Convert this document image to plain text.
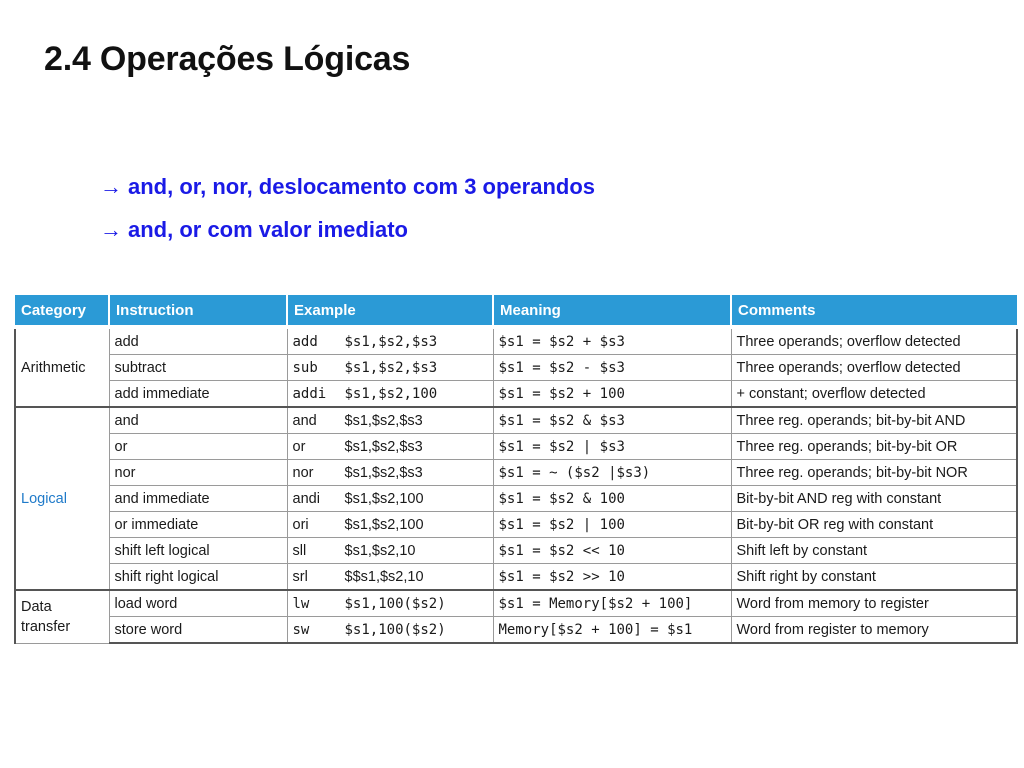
2.4 Operações Lógicas
→ and, or, nor, deslocamento com 3 operandos
→ and, or com valor imediato
Category	Instruction	Example	Meaning	Comments
Arithmetic	add	add $s1,$s2,$s3	$s1 = $s2 + $s3	Three operands; overflow detected
	subtract	sub $s1,$s2,$s3	$s1 = $s2 - $s3	Three operands; overflow detected
	add immediate	addi $s1,$s2,100	$s1 = $s2 + 100	+ constant; overflow detected
Logical	and	and $s1,$s2,$s3	$s1 = $s2 & $s3	Three reg. operands; bit-by-bit AND
	or	or $s1,$s2,$s3	$s1 = $s2 | $s3	Three reg. operands; bit-by-bit OR
	nor	nor $s1,$s2,$s3	$s1 = ~ ($s2 |$s3)	Three reg. operands; bit-by-bit NOR
	and immediate	andi $s1,$s2,100	$s1 = $s2 & 100	Bit-by-bit AND reg with constant
	or immediate	ori $s1,$s2,100	$s1 = $s2 | 100	Bit-by-bit OR reg with constant
	shift left logical	sll $s1,$s2,10	$s1 = $s2 << 10	Shift left by constant
	shift right logical	srl $$s1,$s2,10	$s1 = $s2 >> 10	Shift right by constant
Data transfer	load word	lw $s1,100($s2)	$s1 = Memory[$s2 + 100]	Word from memory to register
	store word	sw $s1,100($s2)	Memory[$s2 + 100] = $s1	Word from register to memory
